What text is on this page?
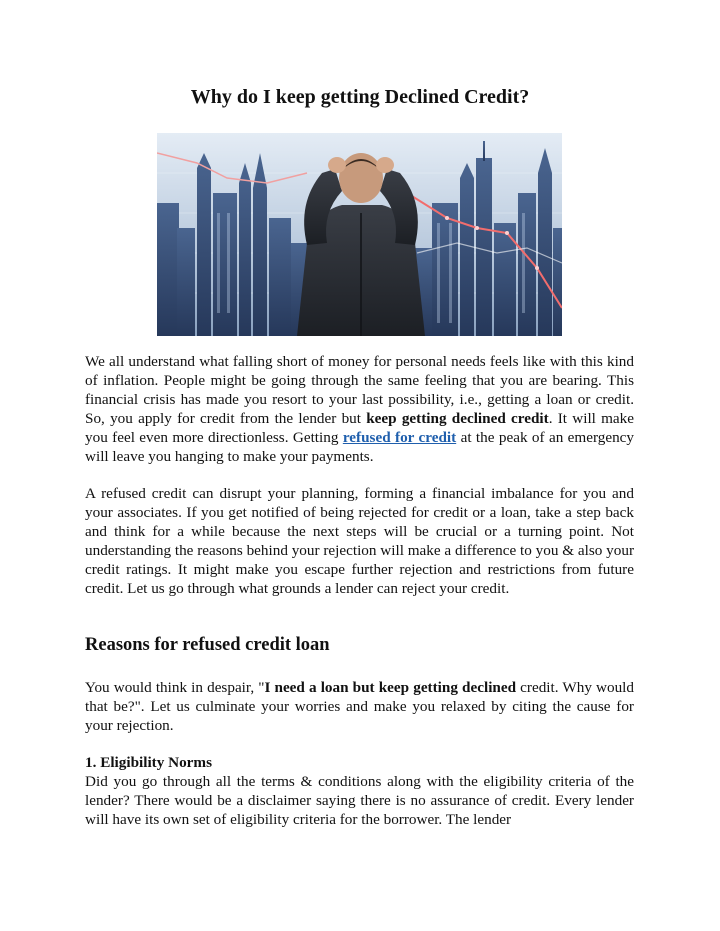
Why do I keep getting Declined Credit?

We all understand what falling short of money for personal needs feels like with this kind of inflation. People might be going through the same feeling that you are bearing. This financial crisis has made you resort to your last possibility, i.e., getting a loan or credit. So, you apply for credit from the lender but keep getting declined credit. It will make you feel even more directionless. Getting refused for credit at the peak of an emergency will leave you hanging to make your payments.

A refused credit can disrupt your planning, forming a financial imbalance for you and your associates. If you get notified of being rejected for credit or a loan, take a step back and think for a while because the next steps will be crucial or a turning point. Not understanding the reasons behind your rejection will make a difference to you & also your credit ratings. It might make you escape further rejection and restrictions from future credit. Let us go through what grounds a lender can reject your credit.

Reasons for refused credit loan

You would think in despair, "I need a loan but keep getting declined credit. Why would that be?". Let us culminate your worries and make you relaxed by citing the cause for your rejection.

1. Eligibility Norms

Did you go through all the terms & conditions along with the eligibility criteria of the lender? There would be a disclaimer saying there is no assurance of credit. Every lender will have its own set of eligibility criteria for the borrower. The lender
